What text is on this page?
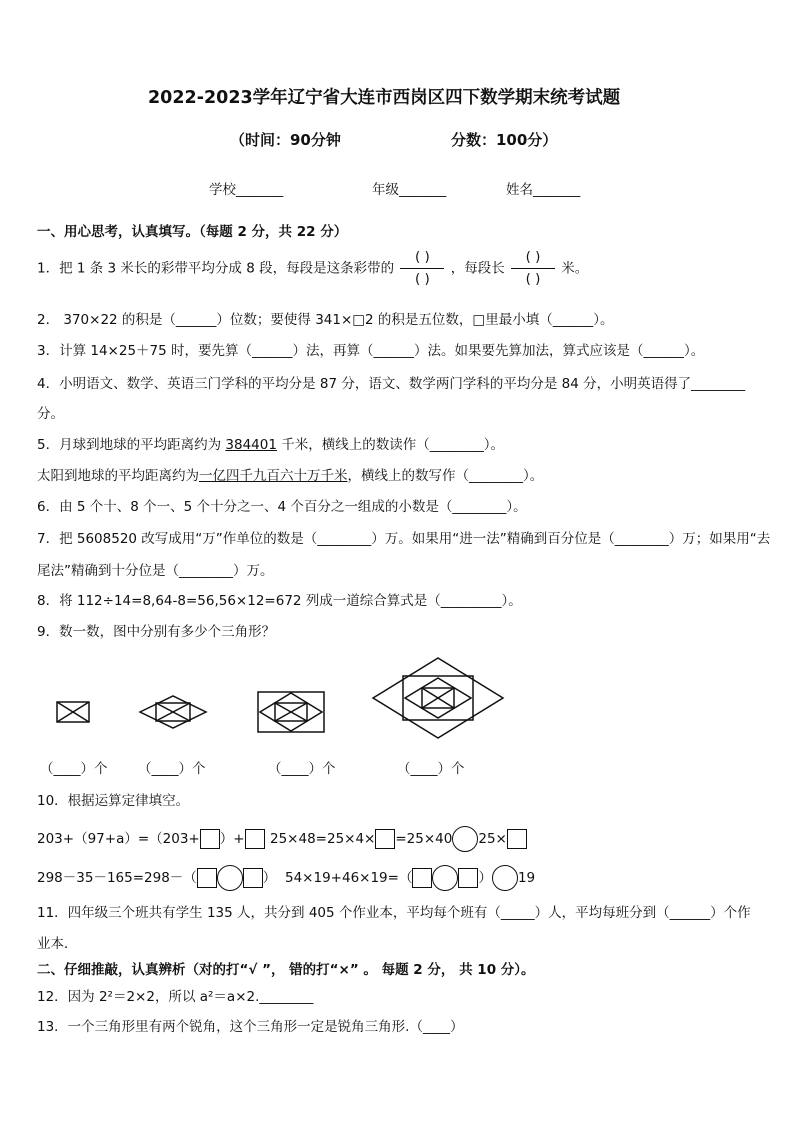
2022-2023学年辽宁省大连市西岗区四下数学期末统考试题
（时间：90分钟	分数：100分）
学校_______	年级_______	姓名_______
一、用心思考，认真填写。（每题 2 分，共 22 分）
1．把 1 条 3 米长的彩带平均分成 8 段，每段是这条彩带的 $\frac{( )}{( )}$ ，每段长 $\frac{( )}{( )}$ 米。
2． 370×22 的积是（______）位数；要使得 341×□2 的积是五位数，□里最小填（______）。
3．计算 14×25＋75 时，要先算（______）法，再算（______）法。如果要先算加法，算式应该是（______）。
4．小明语文、数学、英语三门学科的平均分是 87 分，语文、数学两门学科的平均分是 84 分，小明英语得了________
分。
5．月球到地球的平均距离约为 384401 千米，横线上的数读作（________）。
太阳到地球的平均距离约为一亿四千九百六十万千米，横线上的数写作（________）。
6．由 5 个十、8 个一、5 个十分之一、4 个百分之一组成的小数是（________）。
7．把 5608520 改写成用“万”作单位的数是（________）万。如果用“进一法”精确到百分位是（________）万；如果用“去
尾法”精确到十分位是（________）万。
8．将 112÷14=8,64-8=56,56×12=672 列成一道综合算式是（_________）。
9．数一数，图中分别有多少个三角形？
（____）个 （____）个	（____）个	（____）个
10．根据运算定律填空。
203+（97+a）=（203+ ）+	25×48=25×4× =25×40 25×
298－35－165=298－（	） 54×19+46×19=（	） 19
11．四年级三个班共有学生 135 人，共分到 405 个作业本，平均每个班有（_____）人，平均每班分到（______）个作
业本．
二、仔细推敲，认真辨析（对的打“√ ”， 错的打“×” 。 每题 2 分， 共 10 分）。
12．因为 2²＝2×2，所以 a²＝a×2.________
13．一个三角形里有两个锐角，这个三角形一定是锐角三角形.（____）
